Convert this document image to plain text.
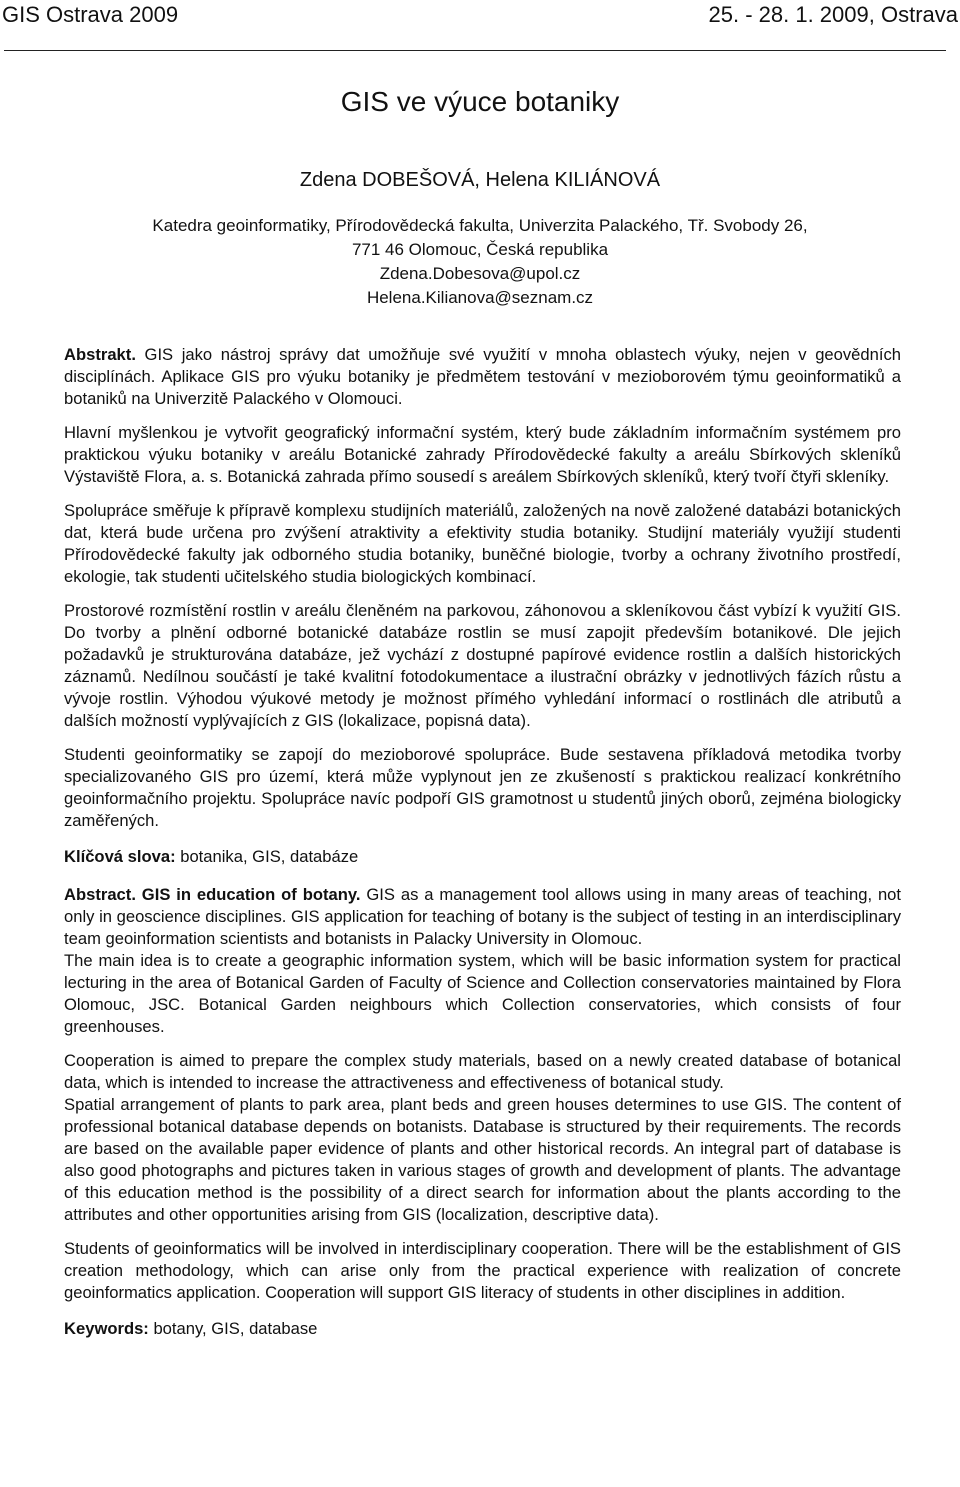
GIS Ostrava 2009	25. - 28. 1. 2009, Ostrava
GIS ve výuce botaniky
Zdena DOBEŠOVÁ, Helena KILIÁNOVÁ
Katedra geoinformatiky, Přírodovědecká fakulta, Univerzita Palackého, Tř. Svobody 26,
771 46 Olomouc, Česká republika
Zdena.Dobesova@upol.cz
Helena.Kilianova@seznam.cz

Abstrakt. GIS jako nástroj správy dat umožňuje své využití v mnoha oblastech výuky, nejen v geovědních disciplínách. Aplikace GIS pro výuku botaniky je předmětem testování v mezioborovém týmu geoinformatiků a botaniků na Univerzitě Palackého v Olomouci.

Hlavní myšlenkou je vytvořit geografický informační systém, který bude základním informačním systémem pro praktickou výuku botaniky v areálu Botanické zahrady Přírodovědecké fakulty a areálu Sbírkových skleníků Výstaviště Flora, a. s. Botanická zahrada přímo sousedí s areálem Sbírkových skleníků, který tvoří čtyři skleníky.

Spolupráce směřuje k přípravě komplexu studijních materiálů, založených na nově založené databázi botanických dat, která bude určena pro zvýšení atraktivity a efektivity studia botaniky. Studijní materiály využijí studenti Přírodovědecké fakulty jak odborného studia botaniky, buněčné biologie, tvorby a ochrany životního prostředí, ekologie, tak studenti učitelského studia biologických kombinací.

Prostorové rozmístění rostlin v areálu členěném na parkovou, záhonovou a skleníkovou část vybízí k využití GIS. Do tvorby a plnění odborné botanické databáze rostlin se musí zapojit především botanikové. Dle jejich požadavků je strukturována databáze, jež vychází z dostupné papírové evidence rostlin a dalších historických záznamů. Nedílnou součástí je také kvalitní fotodokumentace a ilustrační obrázky v jednotlivých fázích růstu a vývoje rostlin. Výhodou výukové metody je možnost přímého vyhledání informací o rostlinách dle atributů a dalších možností vyplývajících z GIS (lokalizace, popisná data).

Studenti geoinformatiky se zapojí do mezioborové spolupráce. Bude sestavena příkladová metodika tvorby specializovaného GIS pro území, která může vyplynout jen ze zkušeností s praktickou realizací konkrétního geoinformačního projektu. Spolupráce navíc podpoří GIS gramotnost u studentů jiných oborů, zejména biologicky zaměřených.

Klíčová slova: botanika, GIS, databáze

Abstract. GIS in education of botany. GIS as a management tool allows using in many areas of teaching, not only in geoscience disciplines. GIS application for teaching of botany is the subject of testing in an interdisciplinary team geoinformation scientists and botanists in Palacky University in Olomouc.

The main idea is to create a geographic information system, which will be basic information system for practical lecturing in the area of Botanical Garden of Faculty of Science and Collection conservatories maintained by Flora Olomouc, JSC. Botanical Garden neighbours which Collection conservatories, which consists of four greenhouses.

Cooperation is aimed to prepare the complex study materials, based on a newly created database of botanical data, which is intended to increase the attractiveness and effectiveness of botanical study.

Spatial arrangement of plants to park area, plant beds and green houses determines to use GIS. The content of professional botanical database depends on botanists. Database is structured by their requirements. The records are based on the available paper evidence of plants and other historical records. An integral part of database is also good photographs and pictures taken in various stages of growth and development of plants. The advantage of this education method is the possibility of a direct search for information about the plants according to the attributes and other opportunities arising from GIS (localization, descriptive data).

Students of geoinformatics will be involved in interdisciplinary cooperation. There will be the establishment of GIS creation methodology, which can arise only from the practical experience with realization of concrete geoinformatics application. Cooperation will support GIS literacy of students in other disciplines in addition.

Keywords: botany, GIS, database
